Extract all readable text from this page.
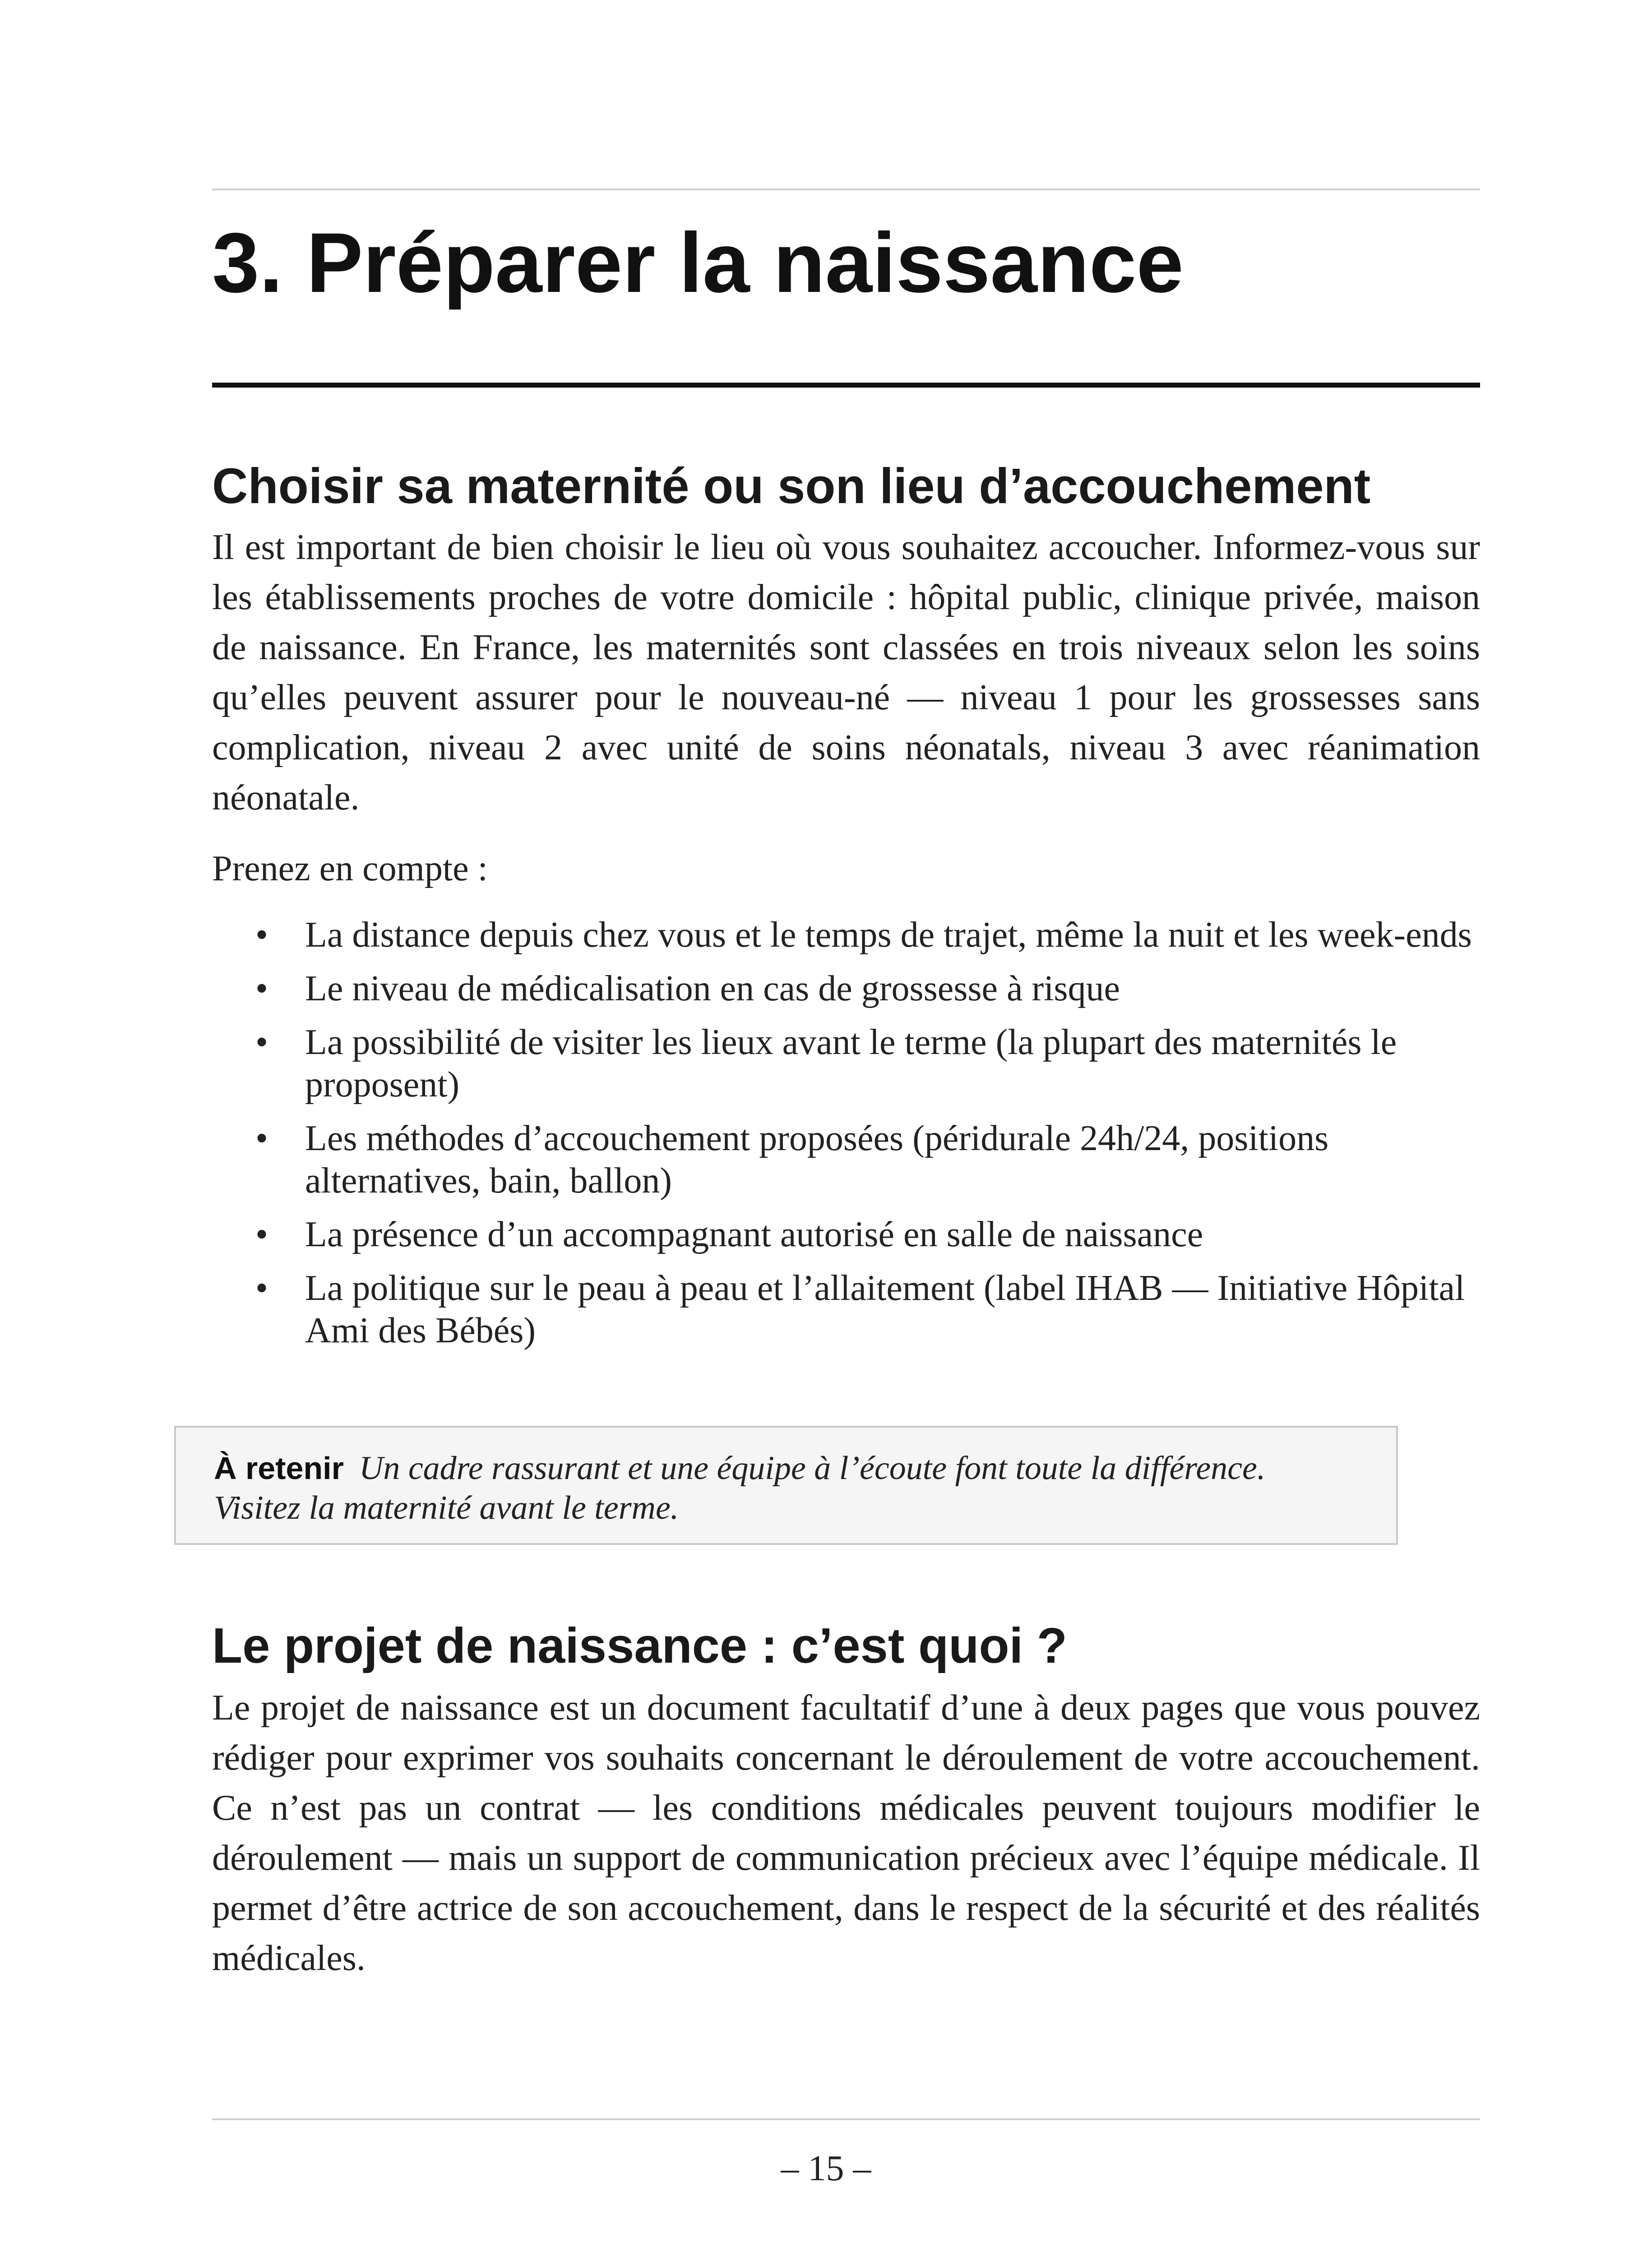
3. Préparer la naissance
Choisir sa maternité ou son lieu d’accouchement

Il est important de bien choisir le lieu où vous souhaitez accoucher. Informez-vous sur les établissements proches de votre domicile : hôpital public, clinique privée, maison de naissance. En France, les maternités sont classées en trois niveaux selon les soins qu’elles peuvent assurer pour le nouveau-né — niveau 1 pour les grossesses sans complication, niveau 2 avec unité de soins néonatals, niveau 3 avec réanimation néonatale.

Prenez en compte :

• La distance depuis chez vous et le temps de trajet, même la nuit et les week-ends
• Le niveau de médicalisation en cas de grossesse à risque
• La possibilité de visiter les lieux avant le terme (la plupart des maternités le proposent)
• Les méthodes d’accouchement proposées (péridurale 24h/24, positions alternatives, bain, ballon)
• La présence d’un accompagnant autorisé en salle de naissance
• La politique sur le peau à peau et l’allaitement (label IHAB — Initiative Hôpital Ami des Bébés)

À retenir Un cadre rassurant et une équipe à l’écoute font toute la différence. Visitez la maternité avant le terme.

Le projet de naissance : c’est quoi ?

Le projet de naissance est un document facultatif d’une à deux pages que vous pouvez rédiger pour exprimer vos souhaits concernant le déroulement de votre accouchement. Ce n’est pas un contrat — les conditions médicales peuvent toujours modifier le déroulement — mais un support de communication précieux avec l’équipe médicale. Il permet d’être actrice de son accouchement, dans le respect de la sécurité et des réalités médicales.

– 15 –
